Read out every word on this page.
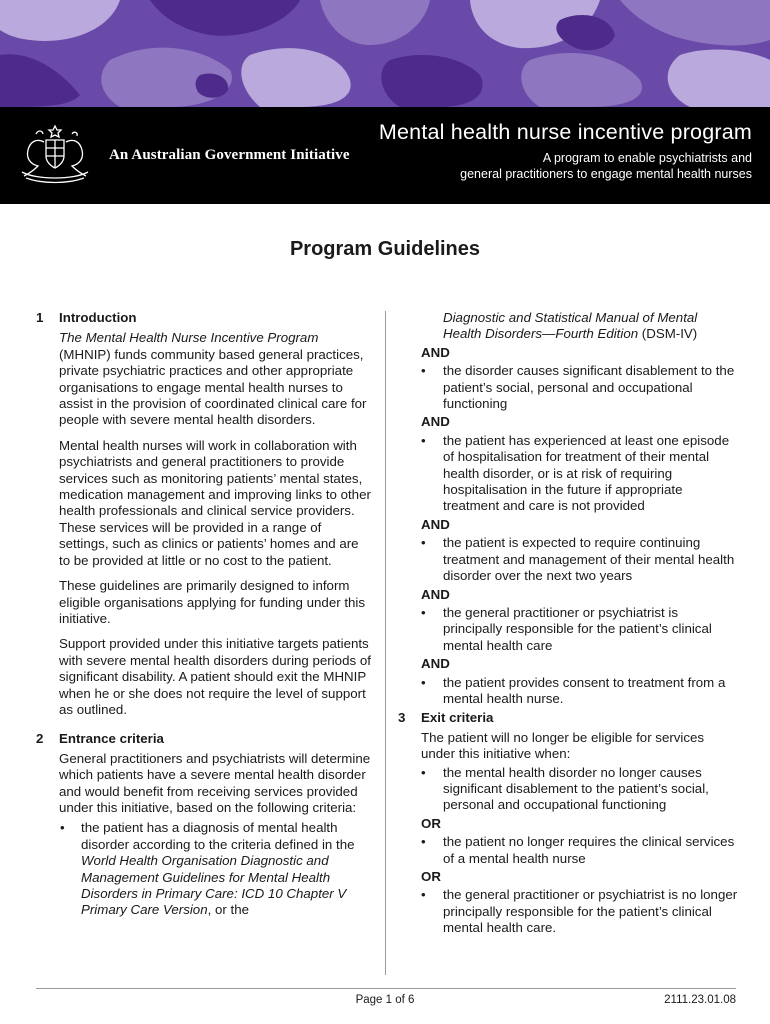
An Australian Government Initiative
Mental health nurse incentive program
A program to enable psychiatrists and
general practitioners to engage mental health nurses
Program Guidelines
1 Introduction

The Mental Health Nurse Incentive Program (MHNIP) funds community based general practices, private psychiatric practices and other appropriate organisations to engage mental health nurses to assist in the provision of coordinated clinical care for people with severe mental health disorders.

Mental health nurses will work in collaboration with psychiatrists and general practitioners to provide services such as monitoring patients’ mental states, medication management and improving links to other health professionals and clinical service providers. These services will be provided in a range of settings, such as clinics or patients’ homes and are to be provided at little or no cost to the patient.

These guidelines are primarily designed to inform eligible organisations applying for funding under this initiative.

Support provided under this initiative targets patients with severe mental health disorders during periods of significant disability. A patient should exit the MHNIP when he or she does not require the level of support as outlined.

2 Entrance criteria

General practitioners and psychiatrists will determine which patients have a severe mental health disorder and would benefit from receiving services provided under this initiative, based on the following criteria:

• the patient has a diagnosis of mental health disorder according to the criteria defined in the World Health Organisation Diagnostic and Management Guidelines for Mental Health Disorders in Primary Care: ICD 10 Chapter V Primary Care Version, or the

Diagnostic and Statistical Manual of Mental Health Disorders—Fourth Edition (DSM-IV)

AND
• the disorder causes significant disablement to the patient’s social, personal and occupational functioning
AND
• the patient has experienced at least one episode of hospitalisation for treatment of their mental health disorder, or is at risk of requiring hospitalisation in the future if appropriate treatment and care is not provided
AND
• the patient is expected to require continuing treatment and management of their mental health disorder over the next two years
AND
• the general practitioner or psychiatrist is principally responsible for the patient’s clinical mental health care
AND
• the patient provides consent to treatment from a mental health nurse.
3 Exit criteria

The patient will no longer be eligible for services under this initiative when:

• the mental health disorder no longer causes significant disablement to the patient’s social, personal and occupational functioning
OR
• the patient no longer requires the clinical services of a mental health nurse
OR
• the general practitioner or psychiatrist is no longer principally responsible for the patient’s clinical mental health care.
Page 1 of 6	2111.23.01.08
